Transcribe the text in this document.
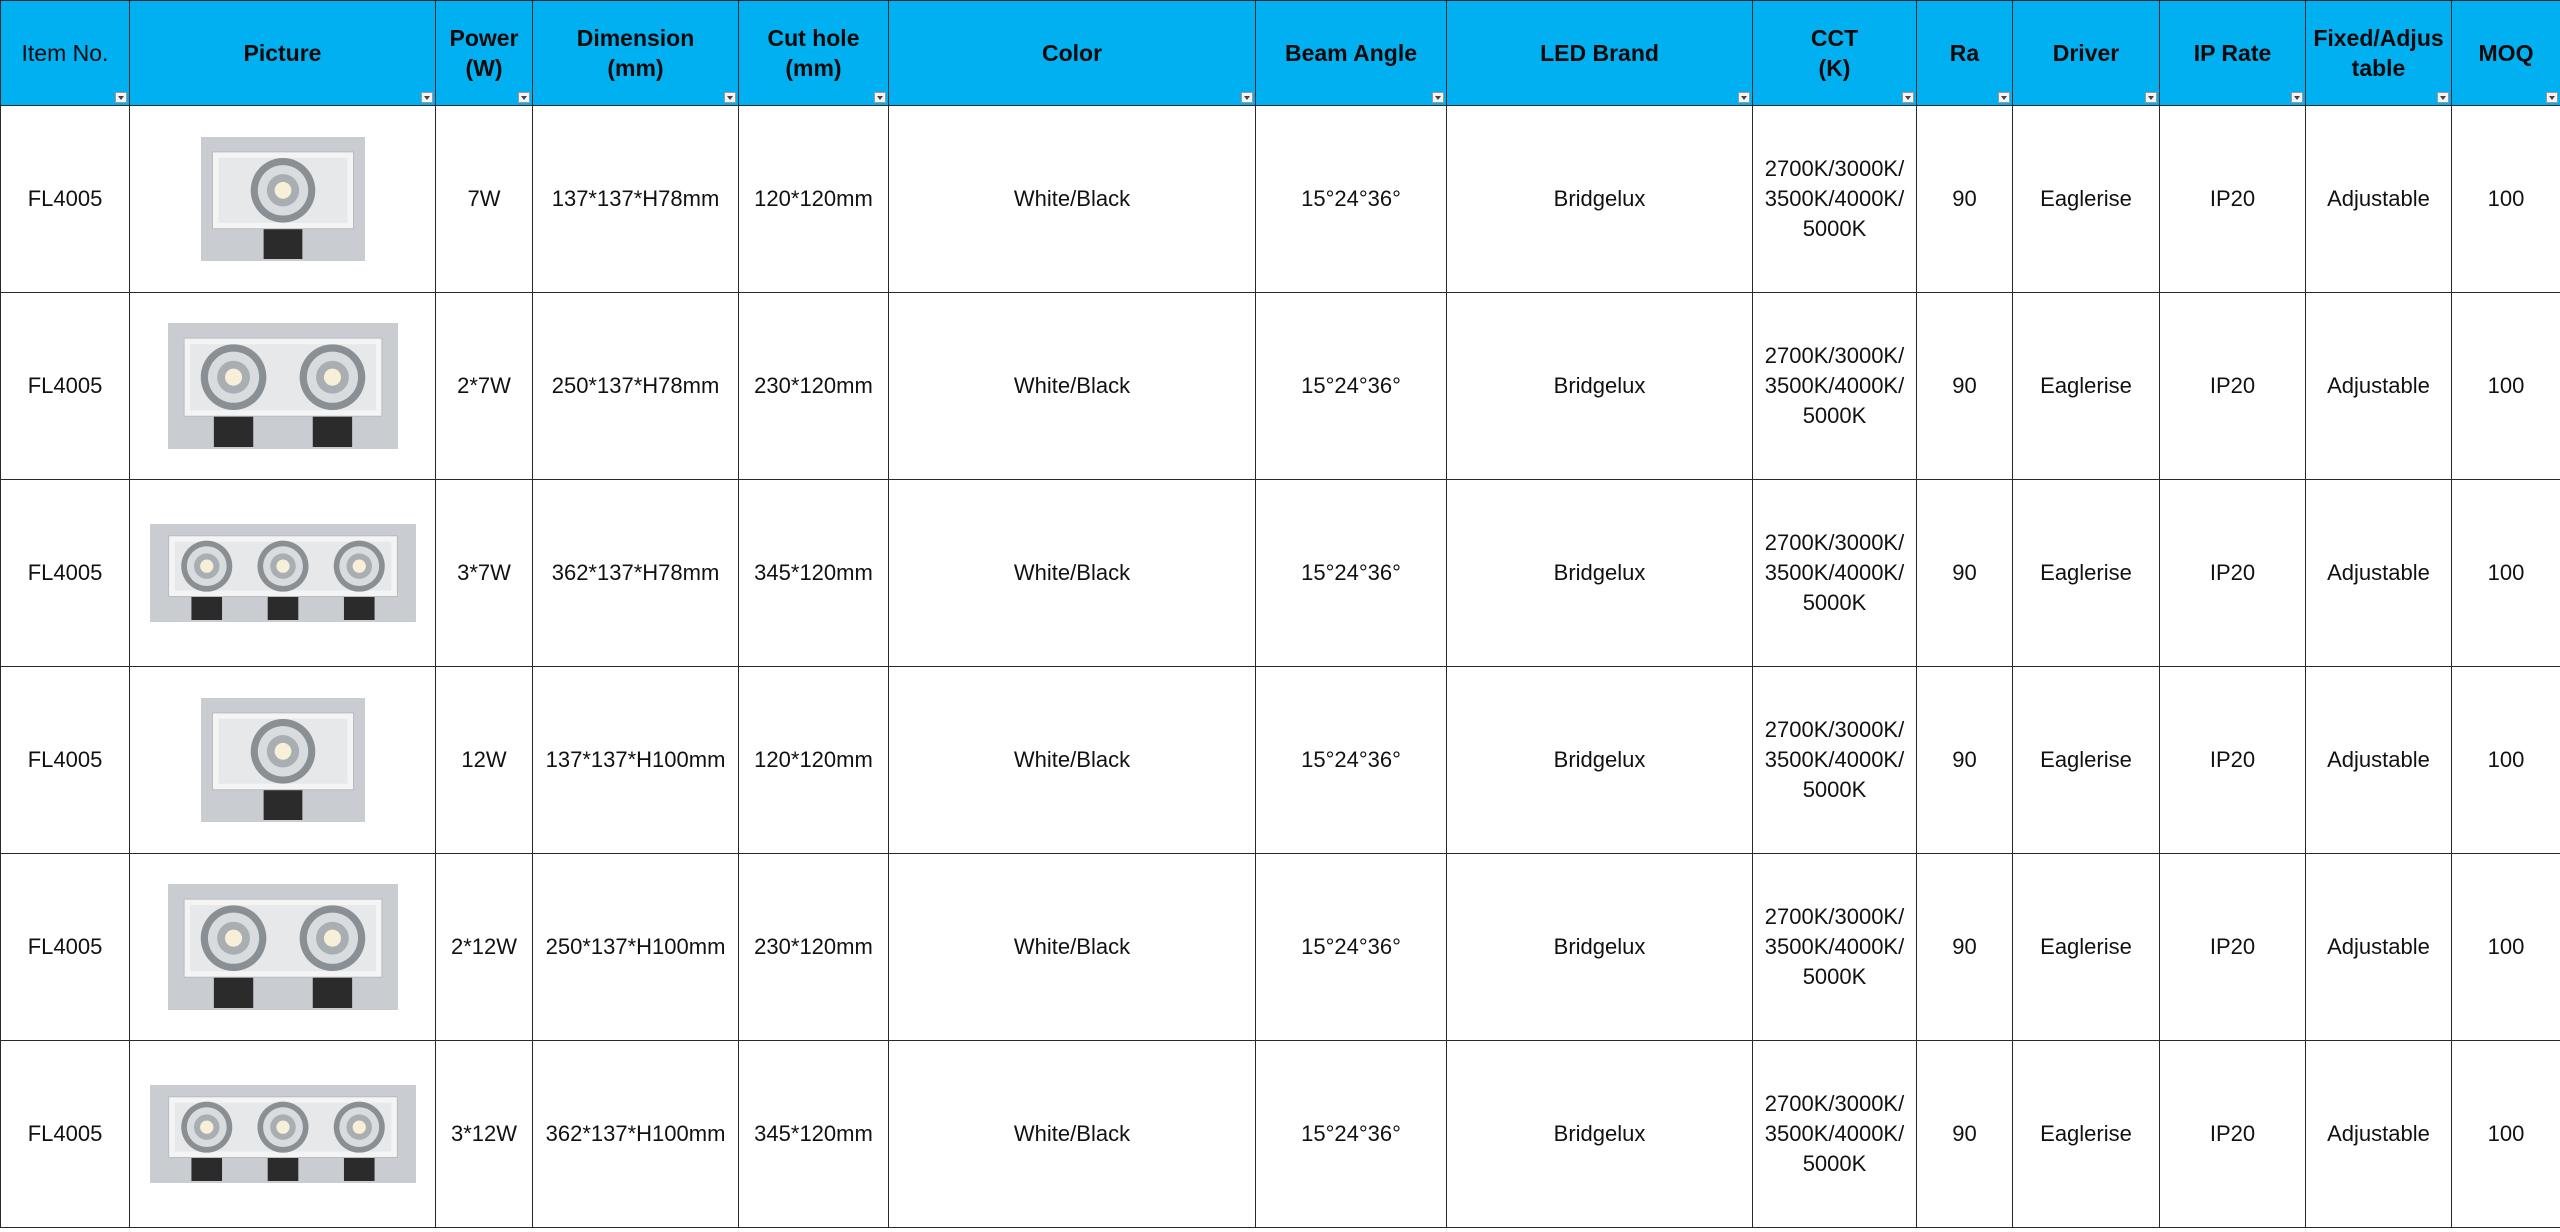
Item No.	Picture	Power
(W)	Dimension
(mm)	Cut hole
(mm)	Color	Beam Angle	LED Brand	CCT
(K)	Ra	Driver	IP Rate	Fixed/Adjus
table	MOQ

FL4005		7W	137*137*H78mm	120*120mm	White/Black	15°24°36°	Bridgelux	2700K/3000K/
3500K/4000K/
5000K	90	Eaglerise	IP20	Adjustable	100
FL4005		2*7W	250*137*H78mm	230*120mm	White/Black	15°24°36°	Bridgelux	2700K/3000K/
3500K/4000K/
5000K	90	Eaglerise	IP20	Adjustable	100
FL4005		3*7W	362*137*H78mm	345*120mm	White/Black	15°24°36°	Bridgelux	2700K/3000K/
3500K/4000K/
5000K	90	Eaglerise	IP20	Adjustable	100
FL4005		12W	137*137*H100mm	120*120mm	White/Black	15°24°36°	Bridgelux	2700K/3000K/
3500K/4000K/
5000K	90	Eaglerise	IP20	Adjustable	100
FL4005		2*12W	250*137*H100mm	230*120mm	White/Black	15°24°36°	Bridgelux	2700K/3000K/
3500K/4000K/
5000K	90	Eaglerise	IP20	Adjustable	100
FL4005		3*12W	362*137*H100mm	345*120mm	White/Black	15°24°36°	Bridgelux	2700K/3000K/
3500K/4000K/
5000K	90	Eaglerise	IP20	Adjustable	100
